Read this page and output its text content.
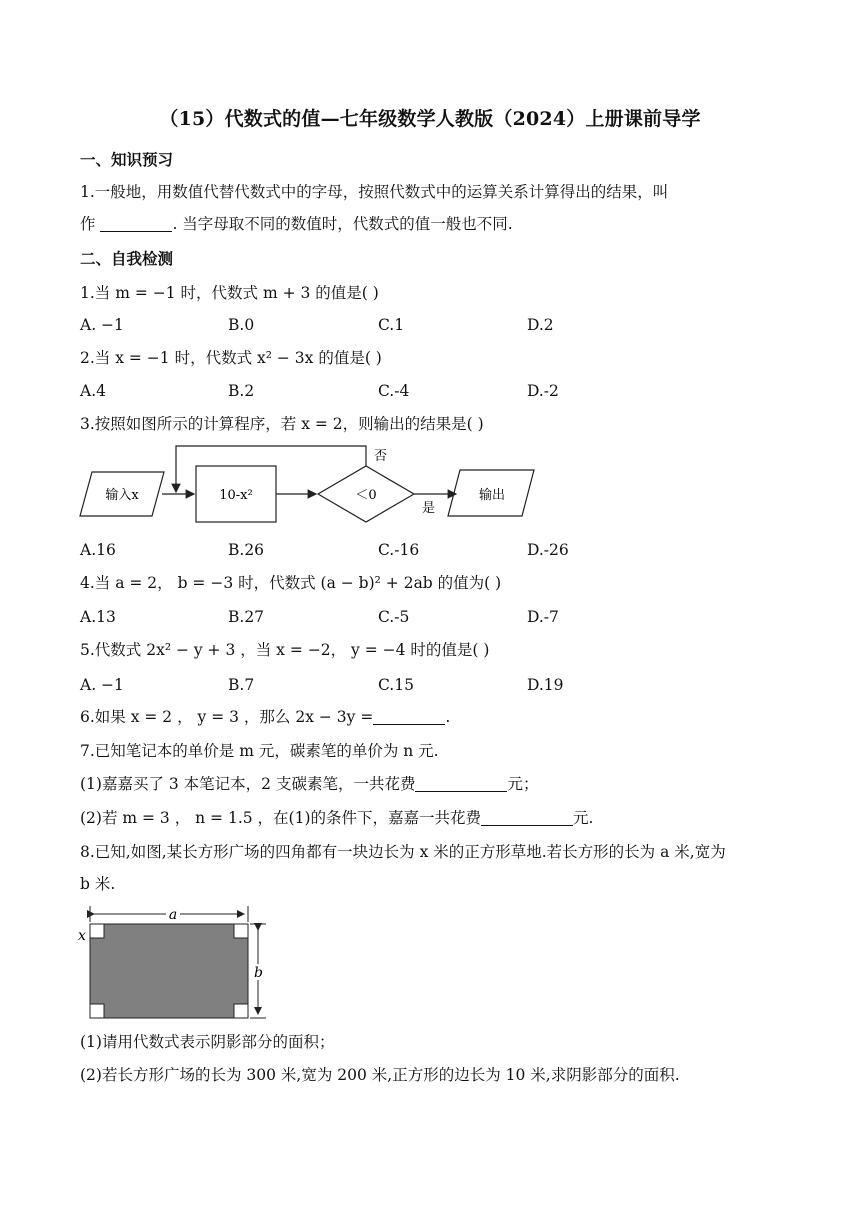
（15）代数式的值—七年级数学人教版（2024）上册课前导学
一、知识预习
1.一般地，用数值代替代数式中的字母，按照代数式中的运算关系计算得出的结果，叫
作	. 当字母取不同的数值时，代数式的值一般也不同.
二、自我检测
1.当 m = −1 时，代数式 m + 3 的值是( )
A. −1	B.0	C.1	D.2
2.当 x = −1 时，代数式 x² − 3x 的值是( )
A.4	B.2	C.-4	D.-2
3.按照如图所示的计算程序，若 x = 2，则输出的结果是( )
输入x	10-x²	＜0
否
是
输出
A.16	B.26	C.-16	D.-26
4.当 a = 2， b = −3 时，代数式 (a − b)² + 2ab 的值为( )
A.13	B.27	C.-5	D.-7
5.代数式 2x² − y + 3 ，当 x = −2， y = −4 时的值是( )
A. −1	B.7	C.15	D.19
6.如果 x = 2 ， y = 3 ，那么 2x − 3y =	.
7.已知笔记本的单价是 m 元，碳素笔的单价为 n 元.
(1)嘉嘉买了 3 本笔记本，2 支碳素笔，一共花费	元；
(2)若 m = 3 ， n = 1.5 ，在(1)的条件下，嘉嘉一共花费	元.
8.已知,如图,某长方形广场的四角都有一块边长为 x 米的正方形草地.若长方形的长为 a 米,宽为
b 米.
a
x
b
(1)请用代数式表示阴影部分的面积；
(2)若长方形广场的长为 300 米,宽为 200 米,正方形的边长为 10 米,求阴影部分的面积.
